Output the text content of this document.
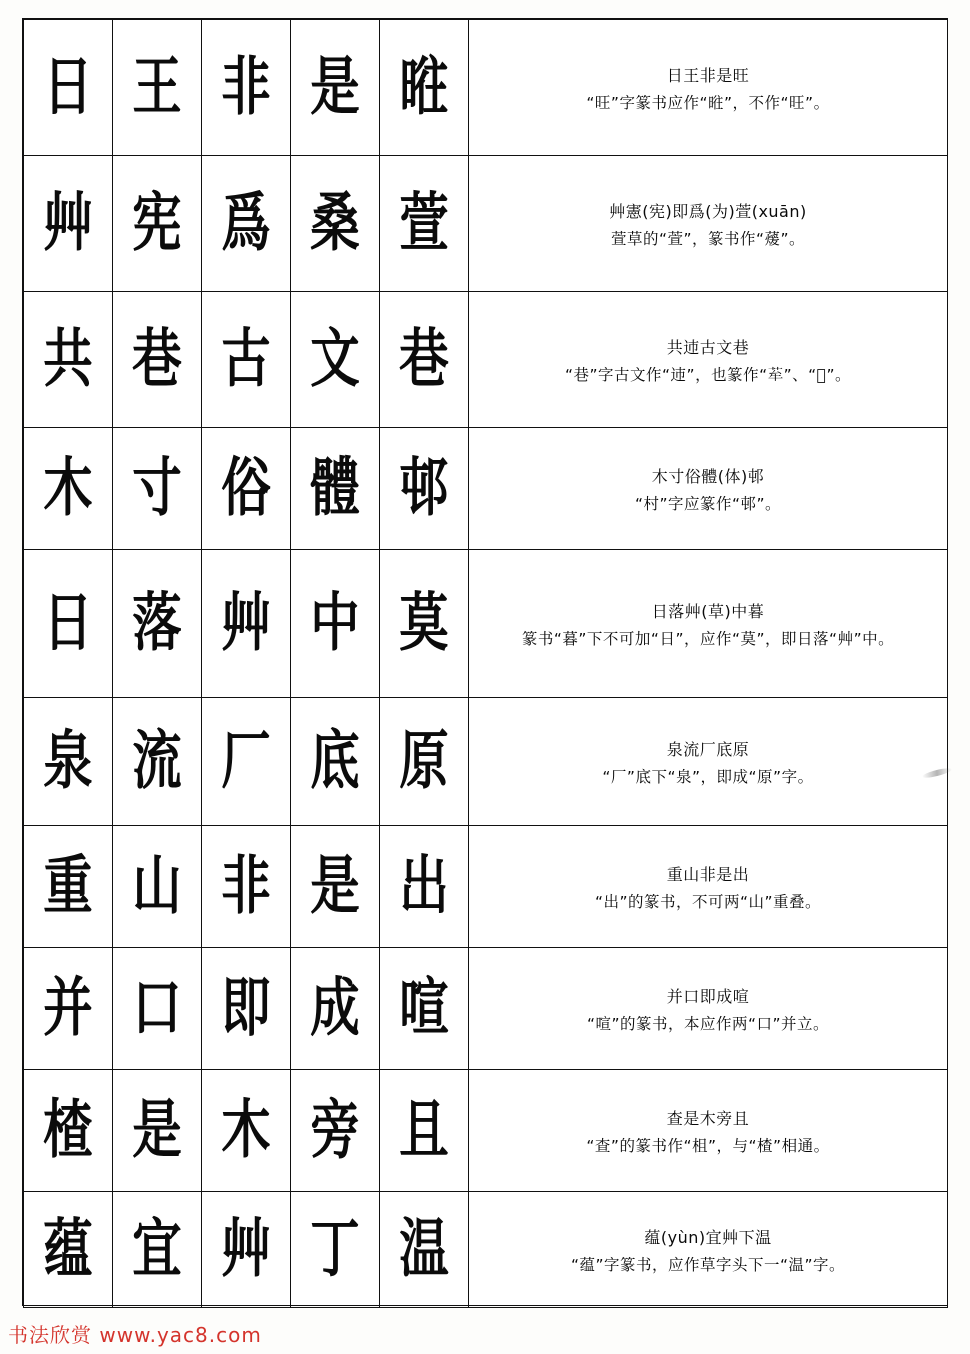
日	王	非	是	暀	日王非是旺
“旺”字篆书应作“暀”，不作“旺”。

艸	宪	爲	桑	萱	艸憲(宪)即爲(为)萱(xuān)
萱草的“萱”，篆书作“蕿”。

共	巷	古	文	巷	共䢌古文巷
“巷”字古文作“䢌”，也篆作“𦭷”、“𢽳”。

木	寸	俗	體	邨	木寸俗體(体)邨
“村”字应篆作“邨”。

日	落	艸	中	莫	日落艸(草)中暮
篆书“暮”下不可加“日”，应作“莫”，即日落“艸”中。

泉	流	厂	底	原	泉流厂底原
“厂”底下“泉”，即成“原”字。

重	山	非	是	出	重山非是出
“出”的篆书，不可两“山”重叠。

并	口	即	成	喧	并口即成喧
“喧”的篆书，本应作两“口”并立。

楂	是	木	旁	且	查是木旁且
“查”的篆书作“柤”，与“楂”相通。

蕴	宜	艸	丁	温	蕴(yùn)宜艸下温
“蕴”字篆书，应作草字头下一“温”字。
书法欣赏 www.yac8.com
